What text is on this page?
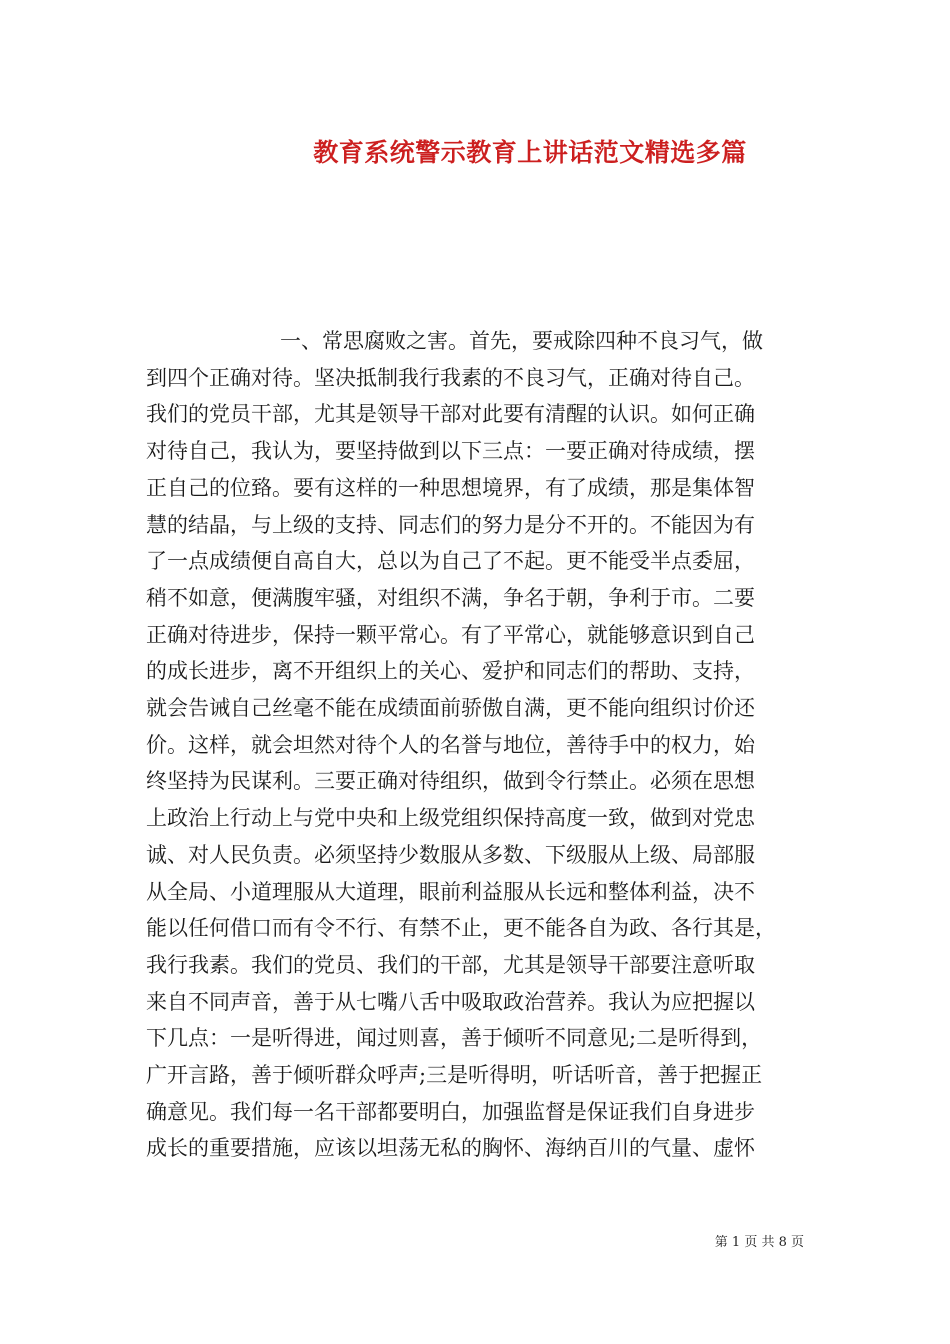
教育系统警示教育上讲话范文精选多篇
　　一、常思腐败之害。首先，要戒除四种不良习气，做
到四个正确对待。坚决抵制我行我素的不良习气，正确对待自己。
我们的党员干部，尤其是领导干部对此要有清醒的认识。如何正确
对待自己，我认为，要坚持做到以下三点：一要正确对待成绩，摆
正自己的位臵。要有这样的一种思想境界，有了成绩，那是集体智
慧的结晶，与上级的支持、同志们的努力是分不开的。不能因为有
了一点成绩便自高自大，总以为自己了不起。更不能受半点委屈，
稍不如意，便满腹牢骚，对组织不满，争名于朝，争利于市。二要
正确对待进步，保持一颗平常心。有了平常心，就能够意识到自己
的成长进步，离不开组织上的关心、爱护和同志们的帮助、支持，
就会告诫自己丝毫不能在成绩面前骄傲自满，更不能向组织讨价还
价。这样，就会坦然对待个人的名誉与地位，善待手中的权力，始
终坚持为民谋利。三要正确对待组织，做到令行禁止。必须在思想
上政治上行动上与党中央和上级党组织保持高度一致，做到对党忠
诚、对人民负责。必须坚持少数服从多数、下级服从上级、局部服
从全局、小道理服从大道理，眼前利益服从长远和整体利益，决不
能以任何借口而有令不行、有禁不止，更不能各自为政、各行其是，
我行我素。我们的党员、我们的干部，尤其是领导干部要注意听取
来自不同声音，善于从七嘴八舌中吸取政治营养。我认为应把握以
下几点：一是听得进，闻过则喜，善于倾听不同意见;二是听得到，
广开言路，善于倾听群众呼声;三是听得明，听话听音，善于把握正
确意见。我们每一名干部都要明白，加强监督是保证我们自身进步
成长的重要措施，应该以坦荡无私的胸怀、海纳百川的气量、虚怀
第 1 页 共 8 页
